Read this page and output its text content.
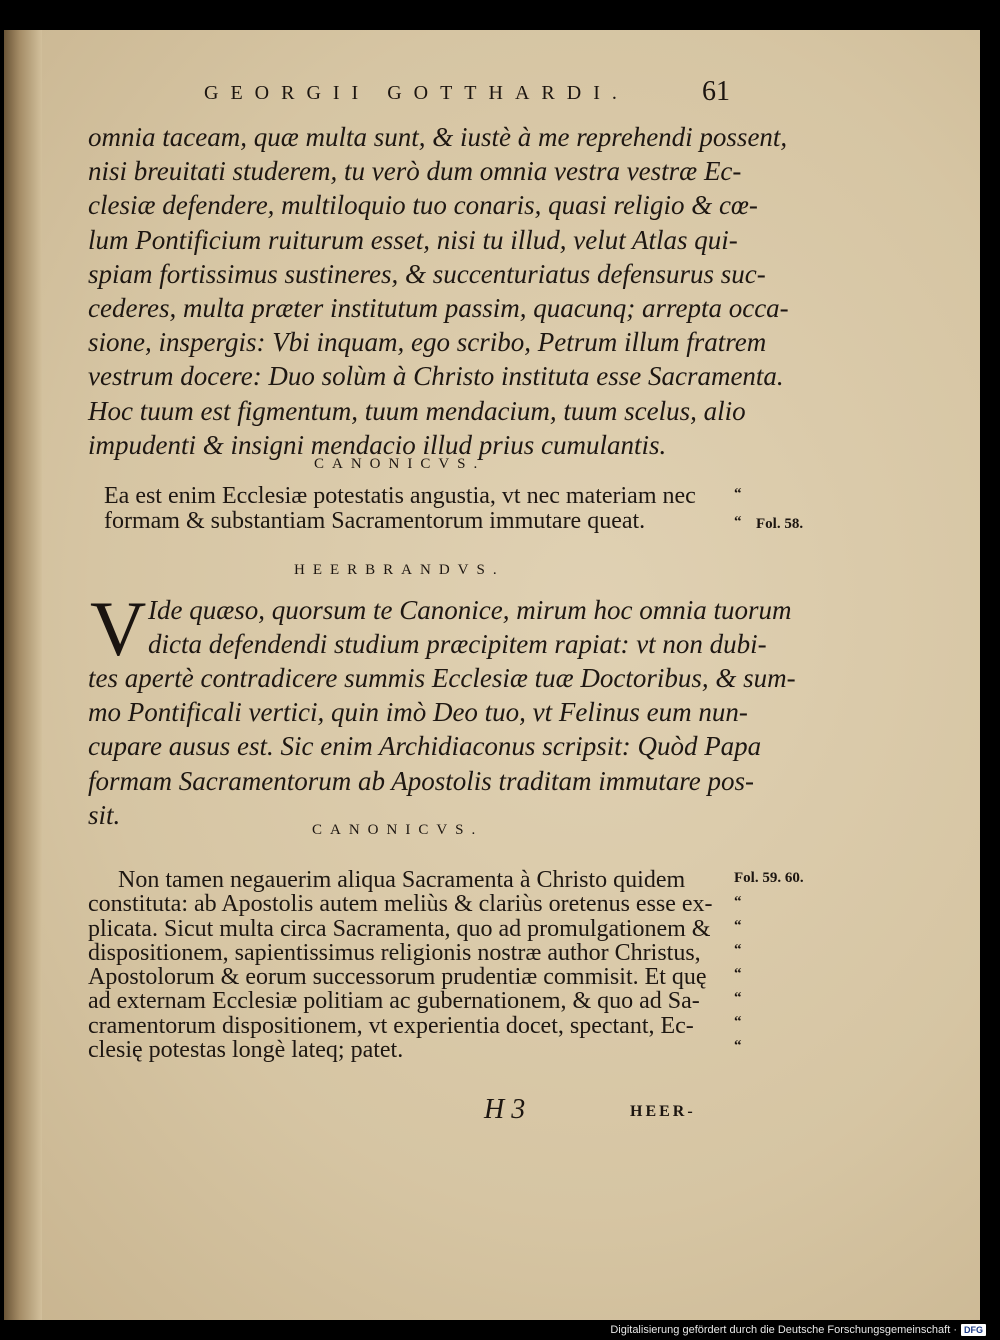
GEORGII GOTTHARDI.	61
omnia taceam, quæ multa sunt, & iustè à me reprehendi possent,
nisi breuitati studerem, tu verò dum omnia vestra vestræ Ec-
clesiæ defendere, multiloquio tuo conaris, quasi religio & cœ-
lum Pontificium ruiturum esset, nisi tu illud, velut Atlas qui-
spiam fortissimus sustineres, & succenturiatus defensurus suc-
cederes, multa præter institutum passim, quacunq; arrepta occa-
sione, inspergis: Vbi inquam, ego scribo, Petrum illum fratrem
vestrum docere: Duo solùm à Christo instituta esse Sacramenta.
Hoc tuum est figmentum, tuum mendacium, tuum scelus, alio
impudenti & insigni mendacio illud prius cumulantis.
CANONICVS.
Ea est enim Ecclesiæ potestatis angustia, vt nec materiam nec
formam & substantiam Sacramentorum immutare queat.
“
“ Fol. 58.
HEERBRANDVS.
V Ide quæso, quorsum te Canonice, mirum hoc omnia tuorum
dicta defendendi studium præcipitem rapiat: vt non dubi-
tes apertè contradicere summis Ecclesiæ tuæ Doctoribus, & sum-
mo Pontificali vertici, quin imò Deo tuo, vt Felinus eum nun-
cupare ausus est. Sic enim Archidiaconus scripsit: Quòd Papa
formam Sacramentorum ab Apostolis traditam immutare pos-
sit.
CANONICVS.
Non tamen negauerim aliqua Sacramenta à Christo quidem
constituta: ab Apostolis autem meliùs & clariùs oretenus esse ex-
plicata. Sicut multa circa Sacramenta, quo ad promulgationem &
dispositionem, sapientissimus religionis nostræ author Christus,
Apostolorum & eorum successorum prudentiæ commisit. Et quę
ad externam Ecclesiæ politiam ac gubernationem, & quo ad Sa-
cramentorum dispositionem, vt experientia docet, spectant, Ec-
clesię potestas longè lateq; patet.
Fol. 59. 60.
“
“
“
“
“
“
“
H 3	HEER-
Digitalisierung gefördert durch die Deutsche Forschungsgemeinschaft · DFG
